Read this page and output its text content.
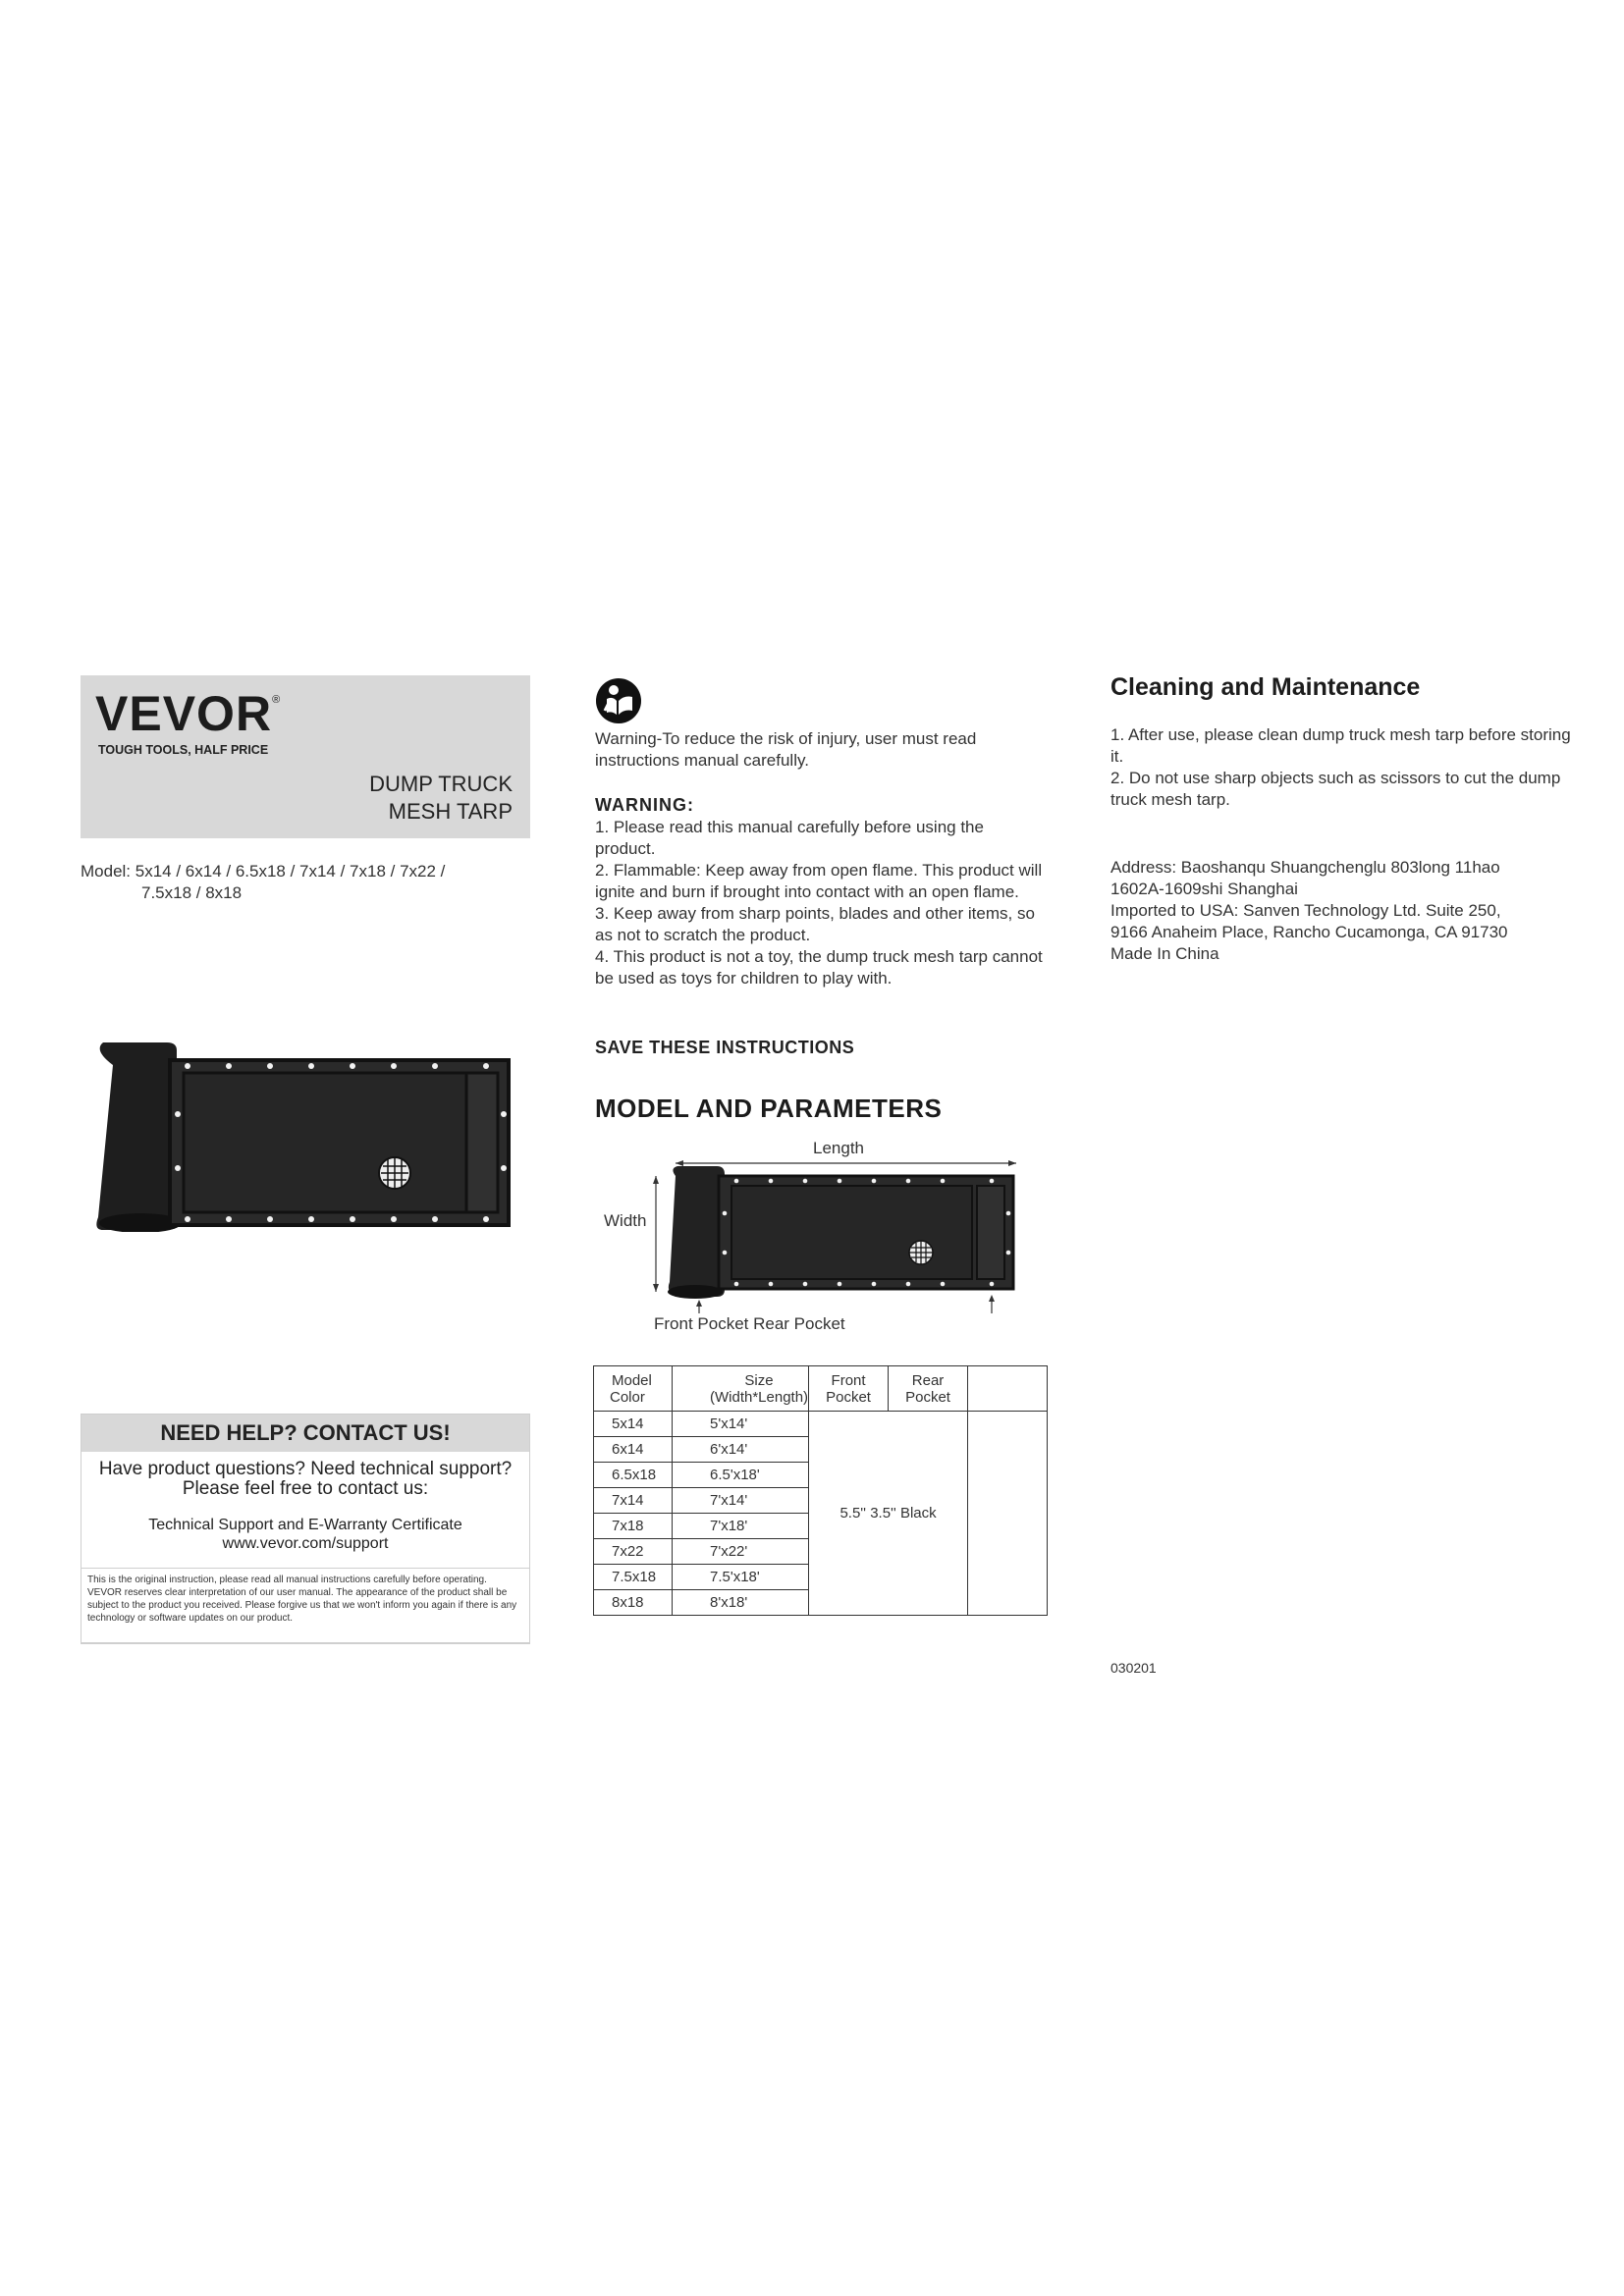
VEVOR®
TOUGH TOOLS, HALF PRICE
DUMP TRUCK
MESH TARP
Model: 5x14 / 6x14 / 6.5x18 / 7x14 / 7x18 / 7x22 /
7.5x18 / 8x18
NEED HELP? CONTACT US!
Have product questions? Need technical support?
Please feel free to contact us:
Technical Support and E-Warranty Certificate
www.vevor.com/support
This is the original instruction, please read all manual instructions carefully before operating. VEVOR reserves clear interpretation of our user manual. The appearance of the product shall be subject to the product you received. Please forgive us that we won't inform you again if there is any technology or software updates on our product.
Warning-To reduce the risk of injury, user must read instructions manual carefully.
WARNING:
1. Please read this manual carefully before using the product.
2. Flammable: Keep away from open flame. This product will ignite and burn if brought into contact with an open flame.
3. Keep away from sharp points, blades and other items, so as not to scratch the product.
4. This product is not a toy, the dump truck mesh tarp cannot be used as toys for children to play with.
SAVE THESE INSTRUCTIONS
MODEL AND PARAMETERS
Length
Width
Front Pocket Rear Pocket
Model Color	Size (Width*Length)	Front Pocket	Rear Pocket	
5x14	5'x14'	5.5'' 3.5'' Black		
6x14	6'x14'			
6.5x18	6.5'x18'			
7x14	7'x14'			
7x18	7'x18'			
7x22	7'x22'			
7.5x18	7.5'x18'			
8x18	8'x18'			
Cleaning and Maintenance
1. After use, please clean dump truck mesh tarp before storing it.
2. Do not use sharp objects such as scissors to cut the dump truck mesh tarp.
Address: Baoshanqu Shuangchenglu 803long 11hao
1602A-1609shi Shanghai
Imported to USA: Sanven Technology Ltd. Suite 250,
9166 Anaheim Place, Rancho Cucamonga, CA 91730
Made In China
030201
